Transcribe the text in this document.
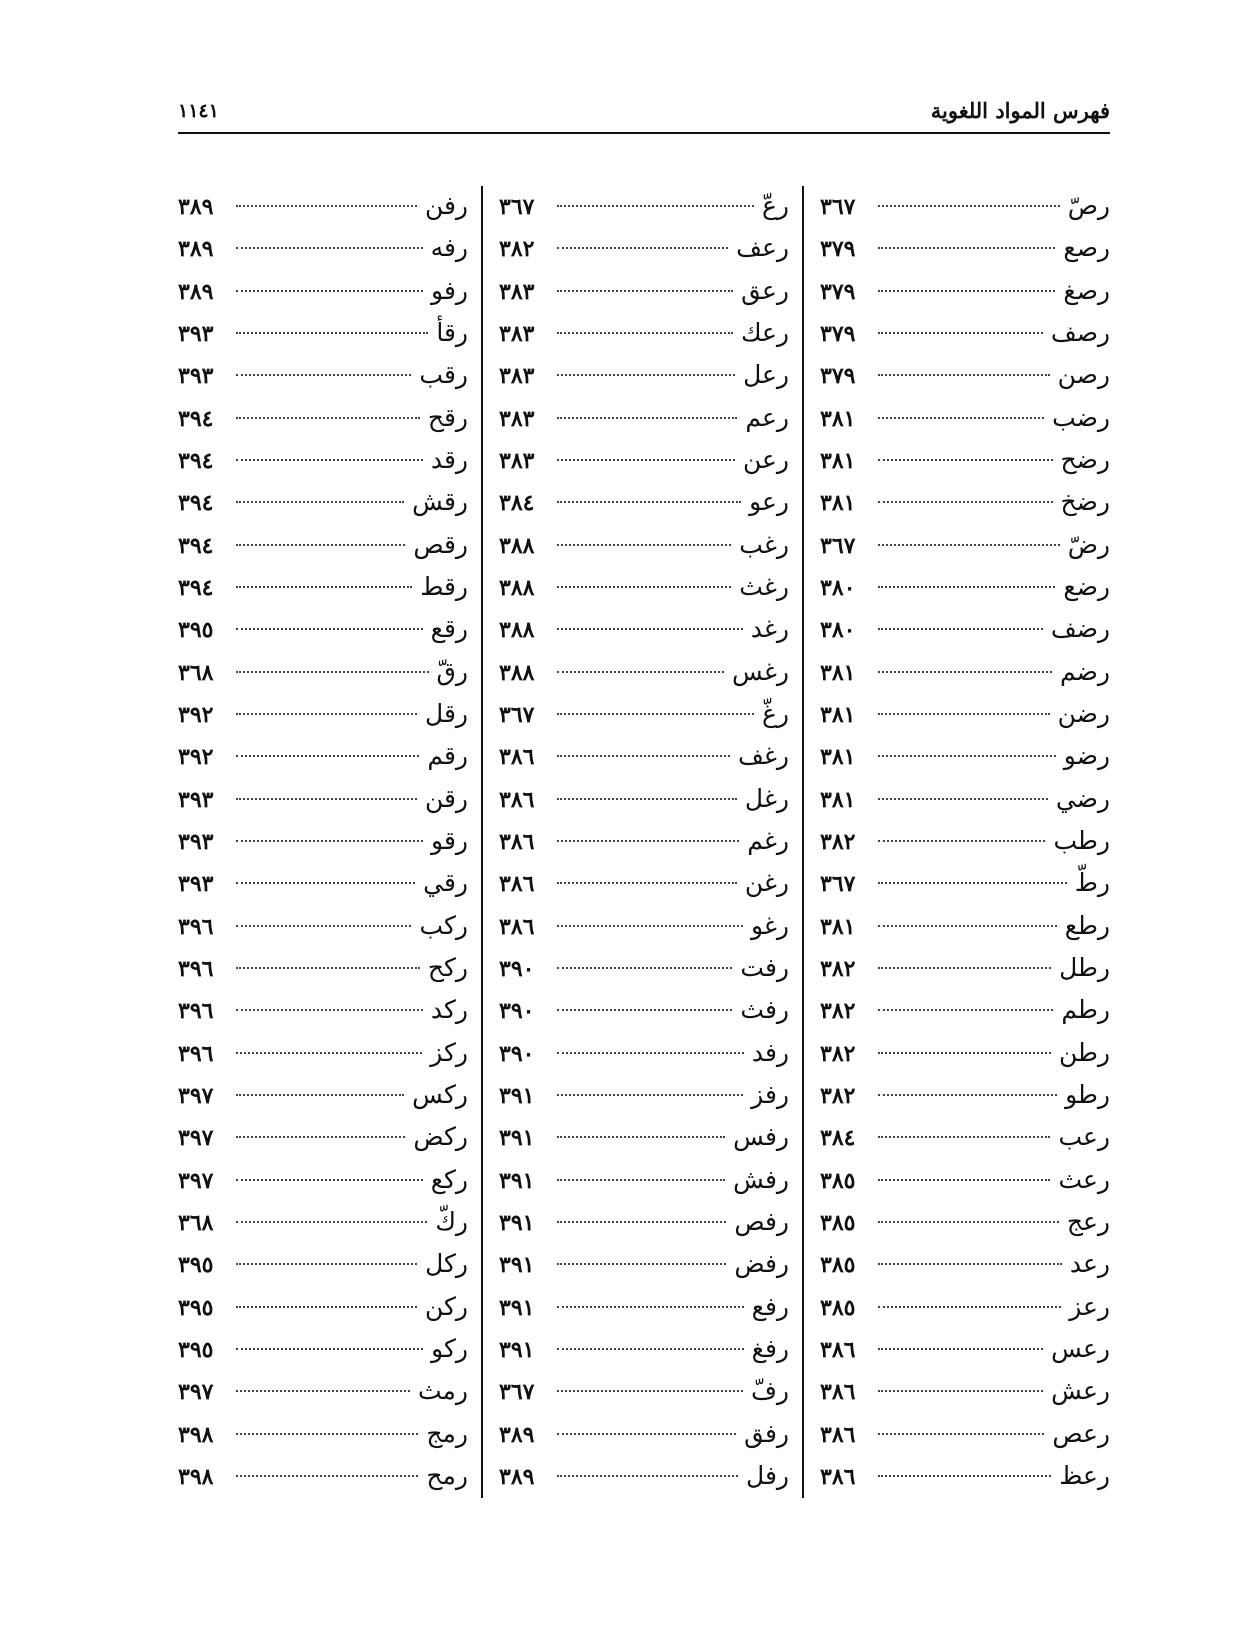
١١٤١	فهرس المواد اللغوية
رصّ
٣٦٧
رصع
٣٧٩
رصغ
٣٧٩
رصف
٣٧٩
رصن
٣٧٩
رضب
٣٨١
رضح
٣٨١
رضخ
٣٨١
رضّ
٣٦٧
رضع
٣٨٠
رضف
٣٨٠
رضم
٣٨١
رضن
٣٨١
رضو
٣٨١
رضي
٣٨١
رطب
٣٨٢
رطّ
٣٦٧
رطع
٣٨١
رطل
٣٨٢
رطم
٣٨٢
رطن
٣٨٢
رطو
٣٨٢
رعب
٣٨٤
رعث
٣٨٥
رعج
٣٨٥
رعد
٣٨٥
رعز
٣٨٥
رعس
٣٨٦
رعش
٣٨٦
رعص
٣٨٦
رعظ
٣٨٦
رعّ
٣٦٧
رعف
٣٨٢
رعق
٣٨٣
رعك
٣٨٣
رعل
٣٨٣
رعم
٣٨٣
رعن
٣٨٣
رعو
٣٨٤
رغب
٣٨٨
رغث
٣٨٨
رغد
٣٨٨
رغس
٣٨٨
رغّ
٣٦٧
رغف
٣٨٦
رغل
٣٨٦
رغم
٣٨٦
رغن
٣٨٦
رغو
٣٨٦
رفت
٣٩٠
رفث
٣٩٠
رفد
٣٩٠
رفز
٣٩١
رفس
٣٩١
رفش
٣٩١
رفص
٣٩١
رفض
٣٩١
رفع
٣٩١
رفغ
٣٩١
رفّ
٣٦٧
رفق
٣٨٩
رفل
٣٨٩
رفن
٣٨٩
رفه
٣٨٩
رفو
٣٨٩
رقأ
٣٩٣
رقب
٣٩٣
رقح
٣٩٤
رقد
٣٩٤
رقش
٣٩٤
رقص
٣٩٤
رقط
٣٩٤
رقع
٣٩٥
رقّ
٣٦٨
رقل
٣٩٢
رقم
٣٩٢
رقن
٣٩٣
رقو
٣٩٣
رقي
٣٩٣
ركب
٣٩٦
ركح
٣٩٦
ركد
٣٩٦
ركز
٣٩٦
ركس
٣٩٧
ركض
٣٩٧
ركع
٣٩٧
ركّ
٣٦٨
ركل
٣٩٥
ركن
٣٩٥
ركو
٣٩٥
رمث
٣٩٧
رمج
٣٩٨
رمح
٣٩٨
